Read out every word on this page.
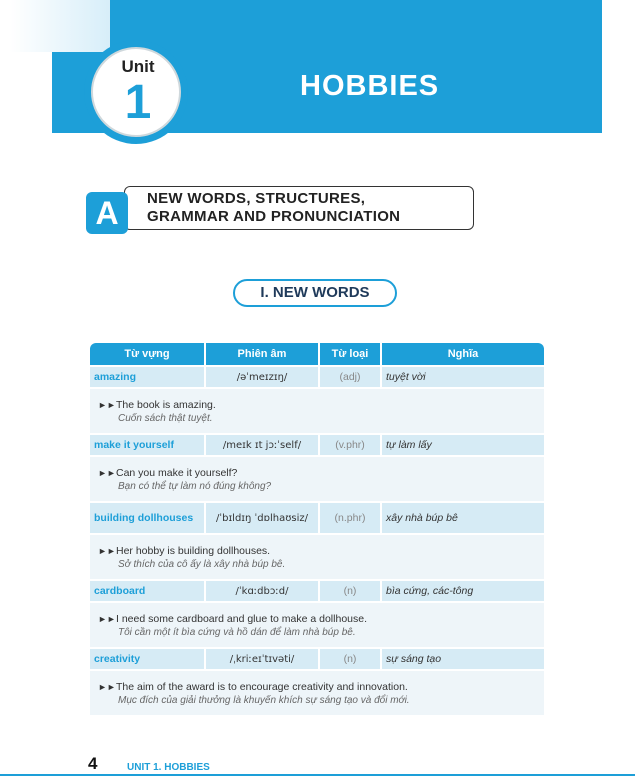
HOBBIES
Unit
1
NEW WORDS, STRUCTURES,
GRAMMAR AND PRONUNCIATION
A
I. NEW WORDS
Từ vựng	Phiên âm	Từ loại	Nghĩa
amazing	/əˈmeɪzɪŋ/	(adj)	tuyệt vời

►►The book is amazing.
Cuốn sách thật tuyệt.			

make it yourself	/meɪk ɪt jɔːˈself/	(v.phr)	tự làm lấy

►►Can you make it yourself?
Bạn có thể tự làm nó đúng không?			

building dollhouses	/ˈbɪldɪŋ ˈdɒlhaʊsiz/	(n.phr)	xây nhà búp bê

►►Her hobby is building dollhouses.
Sở thích của cô ấy là xây nhà búp bê.			

cardboard	/ˈkɑːdbɔːd/	(n)	bìa cứng, các-tông

►►I need some cardboard and glue to make a dollhouse.
Tôi cần một ít bìa cứng và hồ dán để làm nhà búp bê.			

creativity	/ˌkriːeɪˈtɪvəti/	(n)	sự sáng tạo

►►The aim of the award is to encourage creativity and innovation.
Mục đích của giải thưởng là khuyến khích sự sáng tạo và đổi mới.			
4	UNIT 1. HOBBIES
